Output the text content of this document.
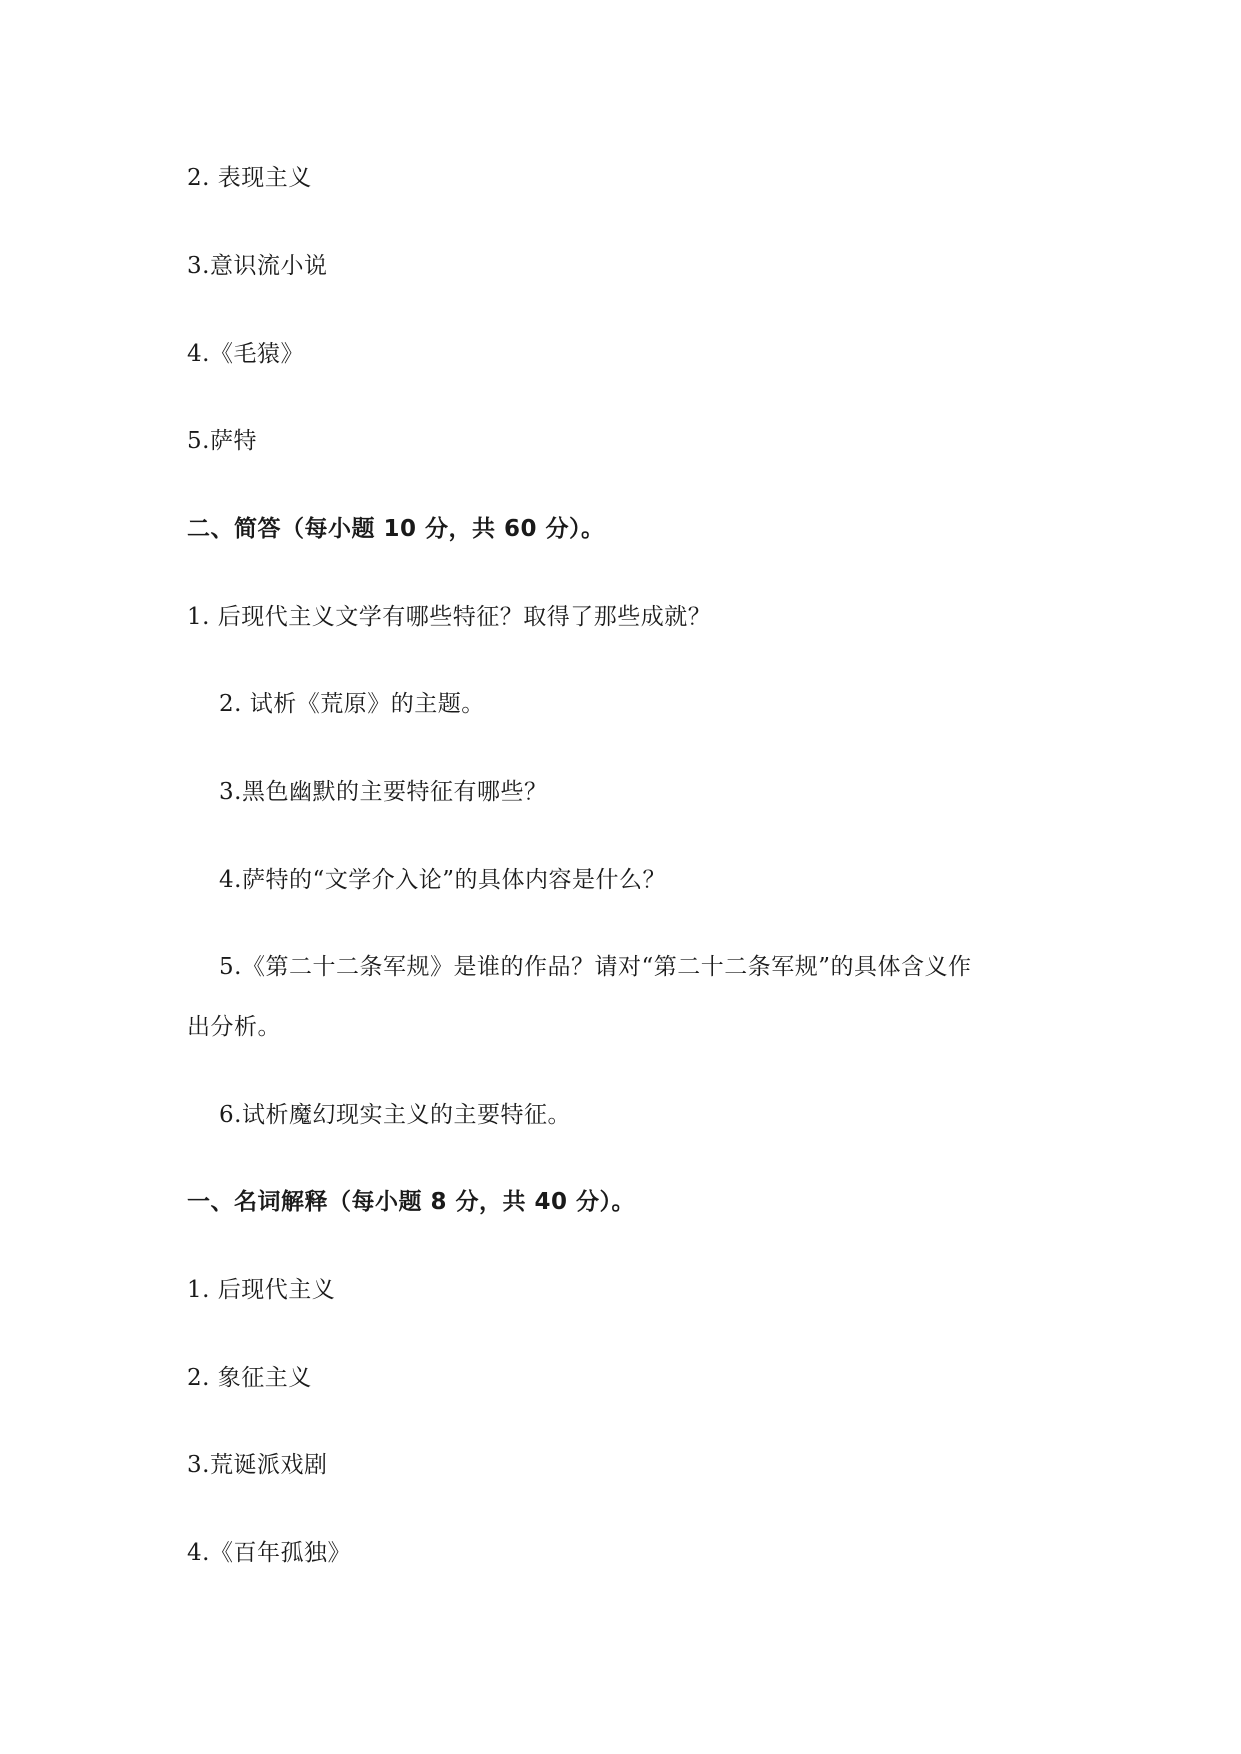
2. 表现主义
3.意识流小说
4.《毛猿》
5.萨特
二、简答（每小题 10 分，共 60 分）。
1. 后现代主义文学有哪些特征？取得了那些成就？
2. 试析《荒原》的主题。
3.黑色幽默的主要特征有哪些？
4.萨特的“文学介入论”的具体内容是什么？
5.《第二十二条军规》是谁的作品？请对“第二十二条军规”的具体含义作
出分析。
6.试析魔幻现实主义的主要特征。
一、名词解释（每小题 8 分，共 40 分）。
1. 后现代主义
2. 象征主义
3.荒诞派戏剧
4.《百年孤独》
